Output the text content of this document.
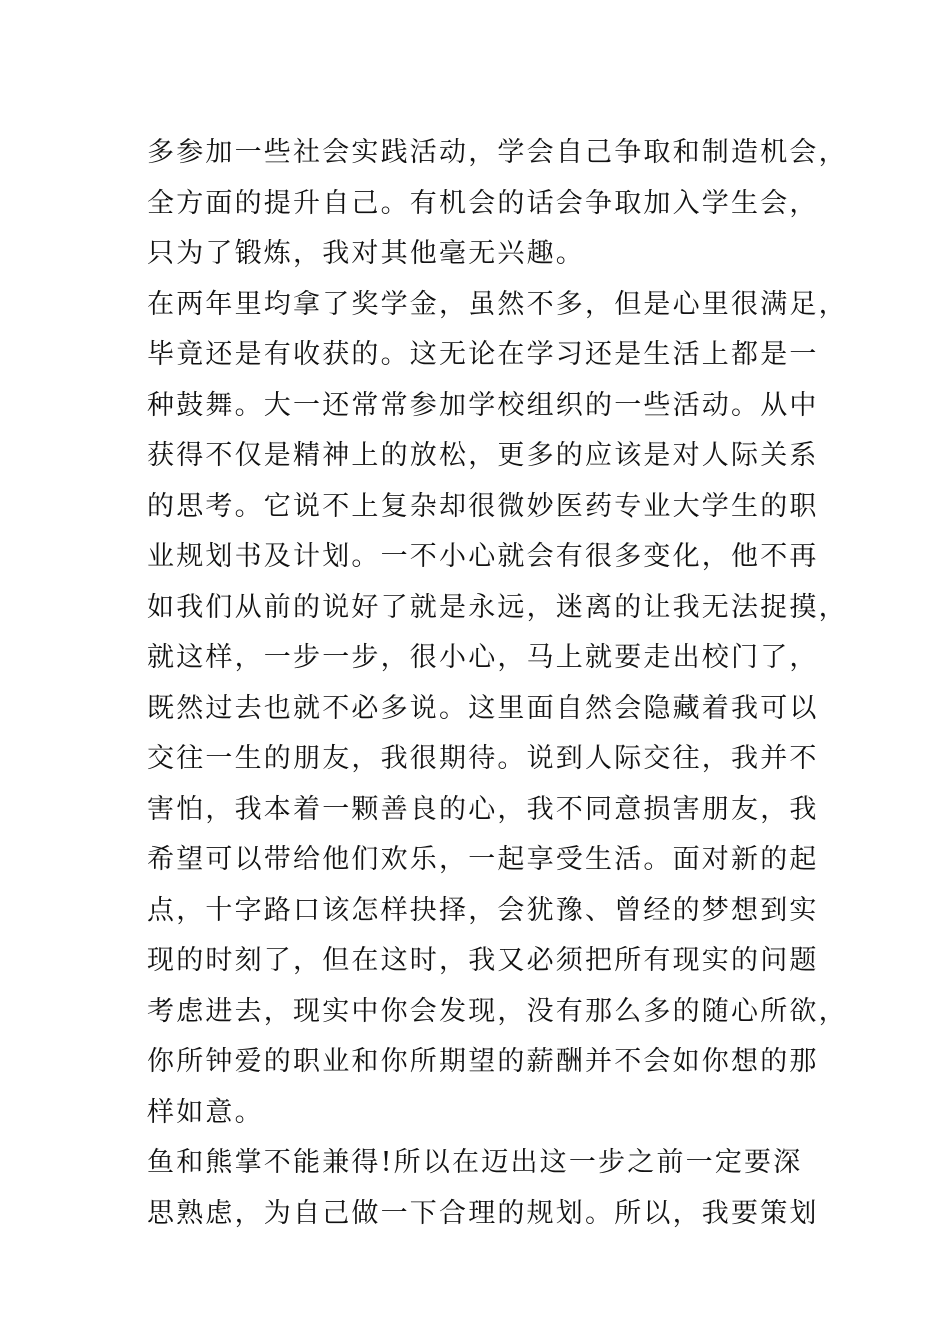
多参加一些社会实践活动，学会自己争取和制造机会，
全方面的提升自己。有机会的话会争取加入学生会，
只为了锻炼，我对其他毫无兴趣。
在两年里均拿了奖学金，虽然不多，但是心里很满足，
毕竟还是有收获的。这无论在学习还是生活上都是一
种鼓舞。大一还常常参加学校组织的一些活动。从中
获得不仅是精神上的放松，更多的应该是对人际关系
的思考。它说不上复杂却很微妙医药专业大学生的职
业规划书及计划。一不小心就会有很多变化，他不再
如我们从前的说好了就是永远，迷离的让我无法捉摸，
就这样，一步一步，很小心，马上就要走出校门了，
既然过去也就不必多说。这里面自然会隐藏着我可以
交往一生的朋友，我很期待。说到人际交往，我并不
害怕，我本着一颗善良的心，我不同意损害朋友，我
希望可以带给他们欢乐，一起享受生活。面对新的起
点，十字路口该怎样抉择，会犹豫、曾经的梦想到实
现的时刻了，但在这时，我又必须把所有现实的问题
考虑进去，现实中你会发现，没有那么多的随心所欲，
你所钟爱的职业和你所期望的薪酬并不会如你想的那
样如意。
鱼和熊掌不能兼得!所以在迈出这一步之前一定要深
思熟虑，为自己做一下合理的规划。所以，我要策划
